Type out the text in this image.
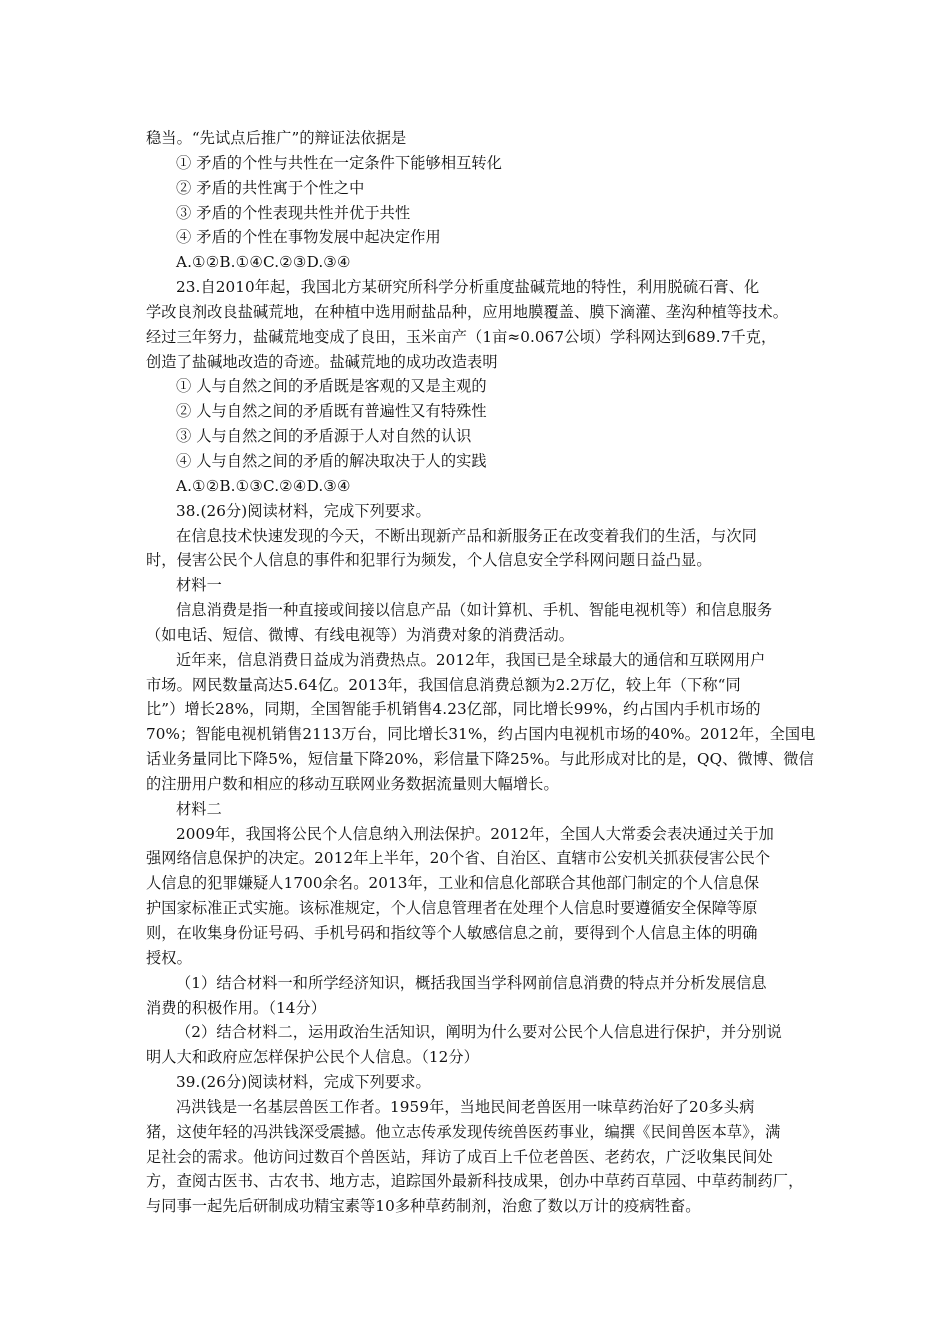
稳当。“先试点后推广”的辩证法依据是
① 矛盾的个性与共性在一定条件下能够相互转化
② 矛盾的共性寓于个性之中
③ 矛盾的个性表现共性并优于共性
④ 矛盾的个性在事物发展中起决定作用
A.①②B.①④C.②③D.③④
23.自2010年起，我国北方某研究所科学分析重度盐碱荒地的特性，利用脱硫石膏、化
学改良剂改良盐碱荒地，在种植中选用耐盐品种，应用地膜覆盖、膜下滴灌、垄沟种植等技术。
经过三年努力，盐碱荒地变成了良田，玉米亩产（1亩≈0.067公顷）学科网达到689.7千克，
创造了盐碱地改造的奇迹。盐碱荒地的成功改造表明
① 人与自然之间的矛盾既是客观的又是主观的
② 人与自然之间的矛盾既有普遍性又有特殊性
③ 人与自然之间的矛盾源于人对自然的认识
④ 人与自然之间的矛盾的解决取决于人的实践
A.①②B.①③C.②④D.③④
38.(26分)阅读材料，完成下列要求。
在信息技术快速发现的今天，不断出现新产品和新服务正在改变着我们的生活，与次同
时，侵害公民个人信息的事件和犯罪行为频发，个人信息安全学科网问题日益凸显。
材料一
信息消费是指一种直接或间接以信息产品（如计算机、手机、智能电视机等）和信息服务
（如电话、短信、微博、有线电视等）为消费对象的消费活动。
近年来，信息消费日益成为消费热点。2012年，我国已是全球最大的通信和互联网用户
市场。网民数量高达5.64亿。2013年，我国信息消费总额为2.2万亿，较上年（下称“同
比”）增长28%，同期，全国智能手机销售4.23亿部，同比增长99%，约占国内手机市场的
70%；智能电视机销售2113万台，同比增长31%，约占国内电视机市场的40%。2012年，全国电
话业务量同比下降5%，短信量下降20%，彩信量下降25%。与此形成对比的是，QQ、微博、微信
的注册用户数和相应的移动互联网业务数据流量则大幅增长。
材料二
2009年，我国将公民个人信息纳入刑法保护。2012年，全国人大常委会表决通过关于加
强网络信息保护的决定。2012年上半年，20个省、自治区、直辖市公安机关抓获侵害公民个
人信息的犯罪嫌疑人1700余名。2013年，工业和信息化部联合其他部门制定的个人信息保
护国家标准正式实施。该标准规定，个人信息管理者在处理个人信息时要遵循安全保障等原
则，在收集身份证号码、手机号码和指纹等个人敏感信息之前，要得到个人信息主体的明确
授权。
（1）结合材料一和所学经济知识，概括我国当学科网前信息消费的特点并分析发展信息
消费的积极作用。（14分）
（2）结合材料二，运用政治生活知识，阐明为什么要对公民个人信息进行保护，并分别说
明人大和政府应怎样保护公民个人信息。（12分）
39.(26分)阅读材料，完成下列要求。
冯洪钱是一名基层兽医工作者。1959年，当地民间老兽医用一味草药治好了20多头病
猪，这使年轻的冯洪钱深受震撼。他立志传承发现传统兽医药事业，编撰《民间兽医本草》，满
足社会的需求。他访问过数百个兽医站，拜访了成百上千位老兽医、老药农，广泛收集民间处
方，查阅古医书、古农书、地方志，追踪国外最新科技成果，创办中草药百草园、中草药制药厂，
与同事一起先后研制成功精宝素等10多种草药制剂，治愈了数以万计的疫病牲畜。
